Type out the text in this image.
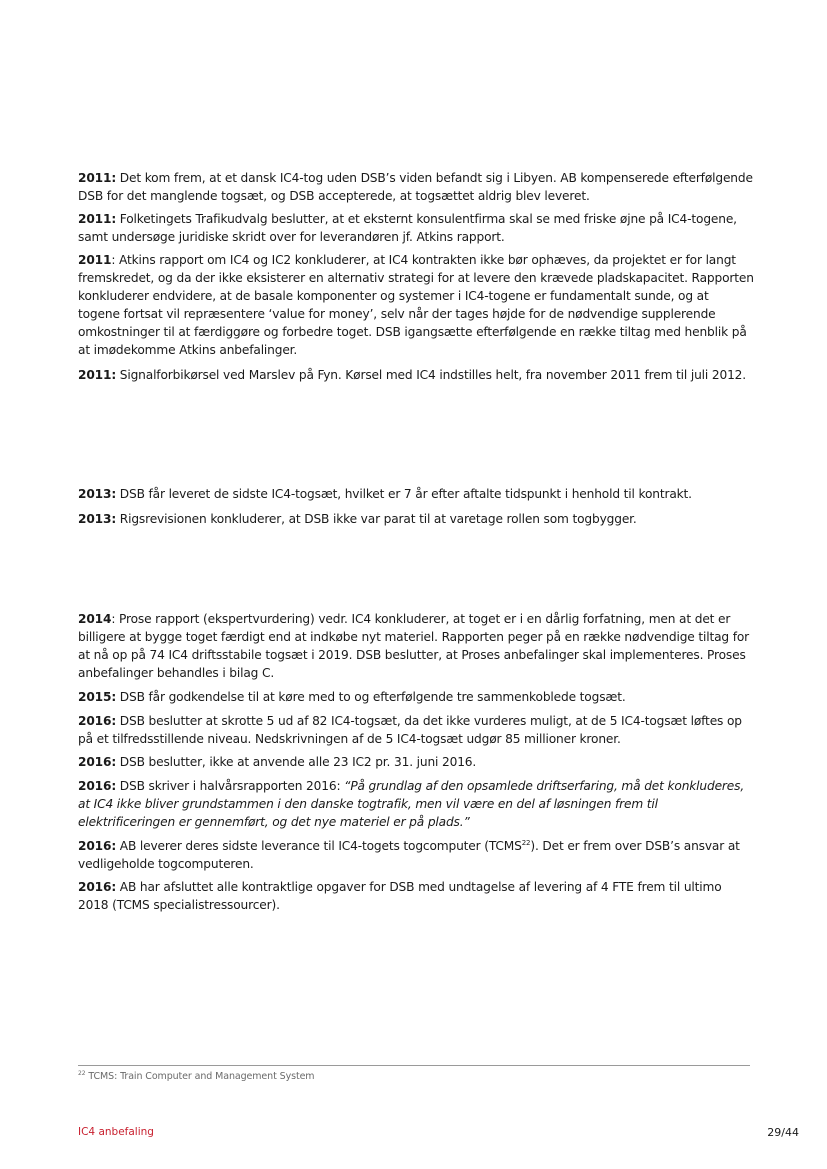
2011: Det kom frem, at et dansk IC4-tog uden DSB’s viden befandt sig i Libyen. AB kompenserede efterfølgende DSB for det manglende togsæt, og DSB accepterede, at togsættet aldrig blev leveret.

2011: Folketingets Trafikudvalg beslutter, at et eksternt konsulentfirma skal se med friske øjne på IC4-togene, samt undersøge juridiske skridt over for leverandøren jf. Atkins rapport.

2011: Atkins rapport om IC4 og IC2 konkluderer, at IC4 kontrakten ikke bør ophæves, da projektet er for langt fremskredet, og da der ikke eksisterer en alternativ strategi for at levere den krævede pladskapacitet. Rapporten konkluderer endvidere, at de basale komponenter og systemer i IC4-togene er fundamentalt sunde, og at togene fortsat vil repræsentere ‘value for money’, selv når der tages højde for de nødvendige supplerende omkostninger til at færdiggøre og forbedre toget. DSB igangsætte efterfølgende en række tiltag med henblik på at imødekomme Atkins anbefalinger.

2011: Signalforbikørsel ved Marslev på Fyn. Kørsel med IC4 indstilles helt, fra november 2011 frem til juli 2012.

2013: DSB får leveret de sidste IC4-togsæt, hvilket er 7 år efter aftalte tidspunkt i henhold til kontrakt.

2013: Rigsrevisionen konkluderer, at DSB ikke var parat til at varetage rollen som togbygger.

2014: Prose rapport (ekspertvurdering) vedr. IC4 konkluderer, at toget er i en dårlig forfatning, men at det er billigere at bygge toget færdigt end at indkøbe nyt materiel. Rapporten peger på en række nødvendige tiltag for at nå op på 74 IC4 driftsstabile togsæt i 2019. DSB beslutter, at Proses anbefalinger skal implementeres. Proses anbefalinger behandles i bilag C.

2015: DSB får godkendelse til at køre med to og efterfølgende tre sammenkoblede togsæt.

2016: DSB beslutter at skrotte 5 ud af 82 IC4-togsæt, da det ikke vurderes muligt, at de 5 IC4-togsæt løftes op på et tilfredsstillende niveau. Nedskrivningen af de 5 IC4-togsæt udgør 85 millioner kroner.

2016: DSB beslutter, ikke at anvende alle 23 IC2 pr. 31. juni 2016.

2016: DSB skriver i halvårsrapporten 2016: “På grundlag af den opsamlede driftserfaring, må det konkluderes, at IC4 ikke bliver grundstammen i den danske togtrafik, men vil være en del af løsningen frem til elektrificeringen er gennemført, og det nye materiel er på plads.”

2016: AB leverer deres sidste leverance til IC4-togets togcomputer (TCMS$^{22}$). Det er frem over DSB’s ansvar at vedligeholde togcomputeren.

2016: AB har afsluttet alle kontraktlige opgaver for DSB med undtagelse af levering af 4 FTE frem til ultimo 2018 (TCMS specialistressourcer).

$^{22}$ TCMS: Train Computer and Management System
IC4 anbefaling	29/44
